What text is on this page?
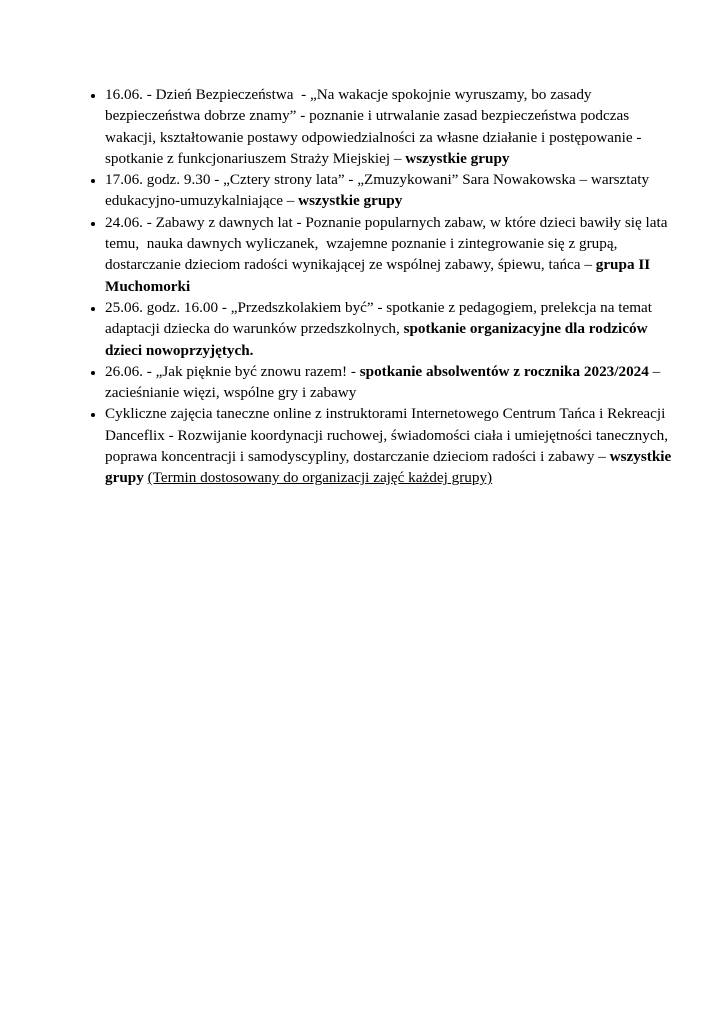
• 16.06. - Dzień Bezpieczeństwa  - „Na wakacje spokojnie wyruszamy, bo zasady bezpieczeństwa dobrze znamy” - poznanie i utrwalanie zasad bezpieczeństwa podczas wakacji, kształtowanie postawy odpowiedzialności za własne działanie i postępowanie - spotkanie z funkcjonariuszem Straży Miejskiej – wszystkie grupy
• 17.06. godz. 9.30 - „Cztery strony lata” - „Zmuzykowani” Sara Nowakowska – warsztaty edukacyjno-umuzykalniające – wszystkie grupy
• 24.06. - Zabawy z dawnych lat - Poznanie popularnych zabaw, w które dzieci bawiły się lata temu,  nauka dawnych wyliczanek,  wzajemne poznanie i zintegrowanie się z grupą, dostarczanie dzieciom radości wynikającej ze wspólnej zabawy, śpiewu, tańca – grupa II Muchomorki
• 25.06. godz. 16.00 - „Przedszkolakiem być” - spotkanie z pedagogiem, prelekcja na temat adaptacji dziecka do warunków przedszkolnych, spotkanie organizacyjne dla rodziców dzieci nowoprzyjętych.
• 26.06. - „Jak pięknie być znowu razem! - spotkanie absolwentów z rocznika 2023/2024 – zacieśnianie więzi, wspólne gry i zabawy
• Cykliczne zajęcia taneczne online z instruktorami Internetowego Centrum Tańca i Rekreacji Danceflix - Rozwijanie koordynacji ruchowej, świadomości ciała i umiejętności tanecznych,  poprawa koncentracji i samodyscypliny, dostarczanie dzieciom radości i zabawy – wszystkie grupy (Termin dostosowany do organizacji zajęć każdej grupy)
